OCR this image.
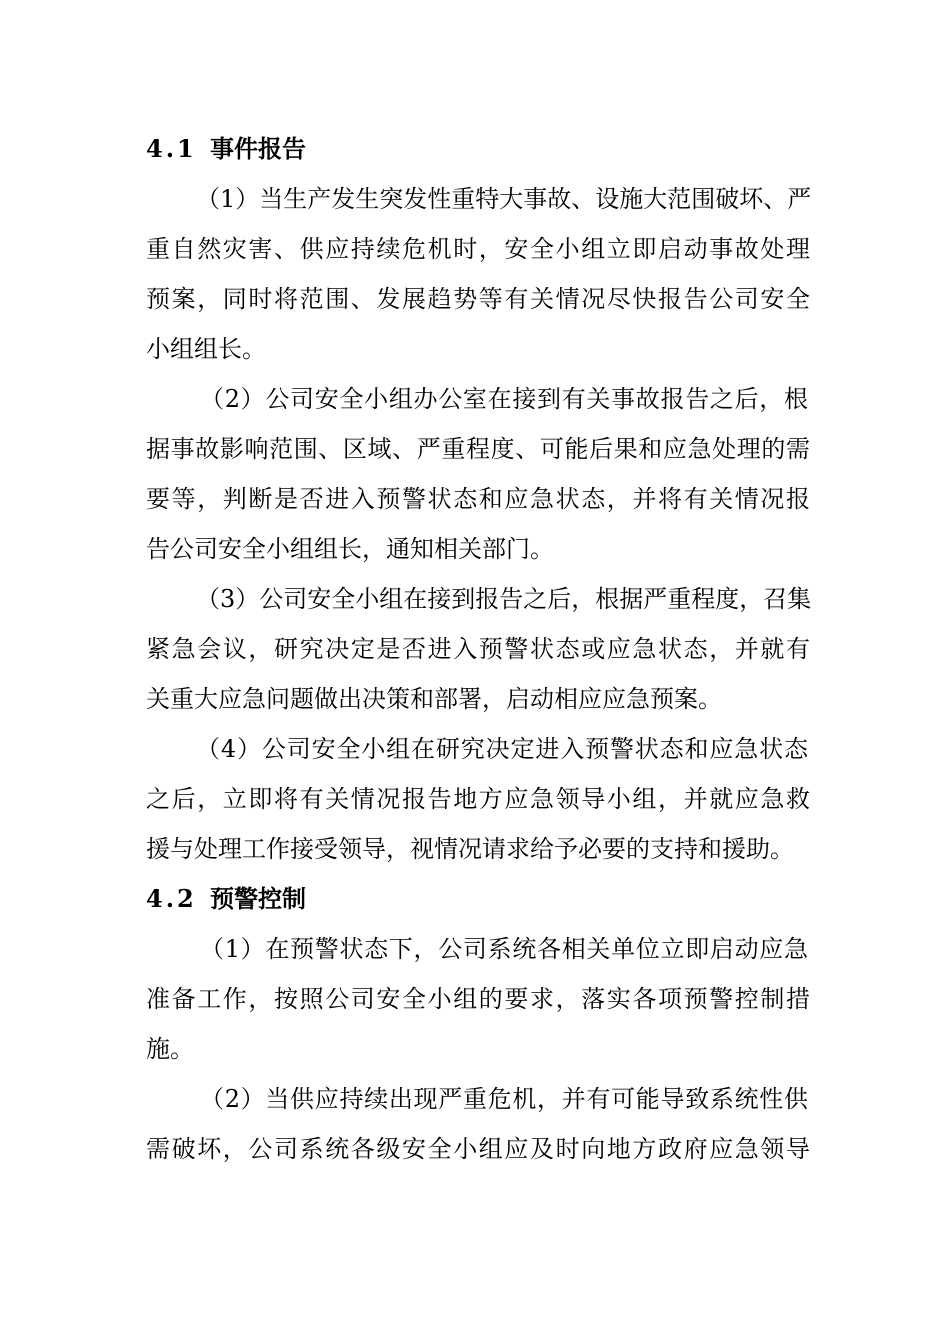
4.1 事件报告
（1）当生产发生突发性重特大事故、设施大范围破坏、严
重自然灾害、供应持续危机时，安全小组立即启动事故处理
预案，同时将范围、发展趋势等有关情况尽快报告公司安全
小组组长。
（2）公司安全小组办公室在接到有关事故报告之后，根
据事故影响范围、区域、严重程度、可能后果和应急处理的需
要等，判断是否进入预警状态和应急状态，并将有关情况报
告公司安全小组组长，通知相关部门。
（3）公司安全小组在接到报告之后，根据严重程度，召集
紧急会议，研究决定是否进入预警状态或应急状态，并就有
关重大应急问题做出决策和部署，启动相应应急预案。
（4）公司安全小组在研究决定进入预警状态和应急状态
之后，立即将有关情况报告地方应急领导小组，并就应急救
援与处理工作接受领导，视情况请求给予必要的支持和援助。
4.2 预警控制
（1）在预警状态下，公司系统各相关单位立即启动应急
准备工作，按照公司安全小组的要求，落实各项预警控制措
施。
（2）当供应持续出现严重危机，并有可能导致系统性供
需破坏，公司系统各级安全小组应及时向地方政府应急领导
